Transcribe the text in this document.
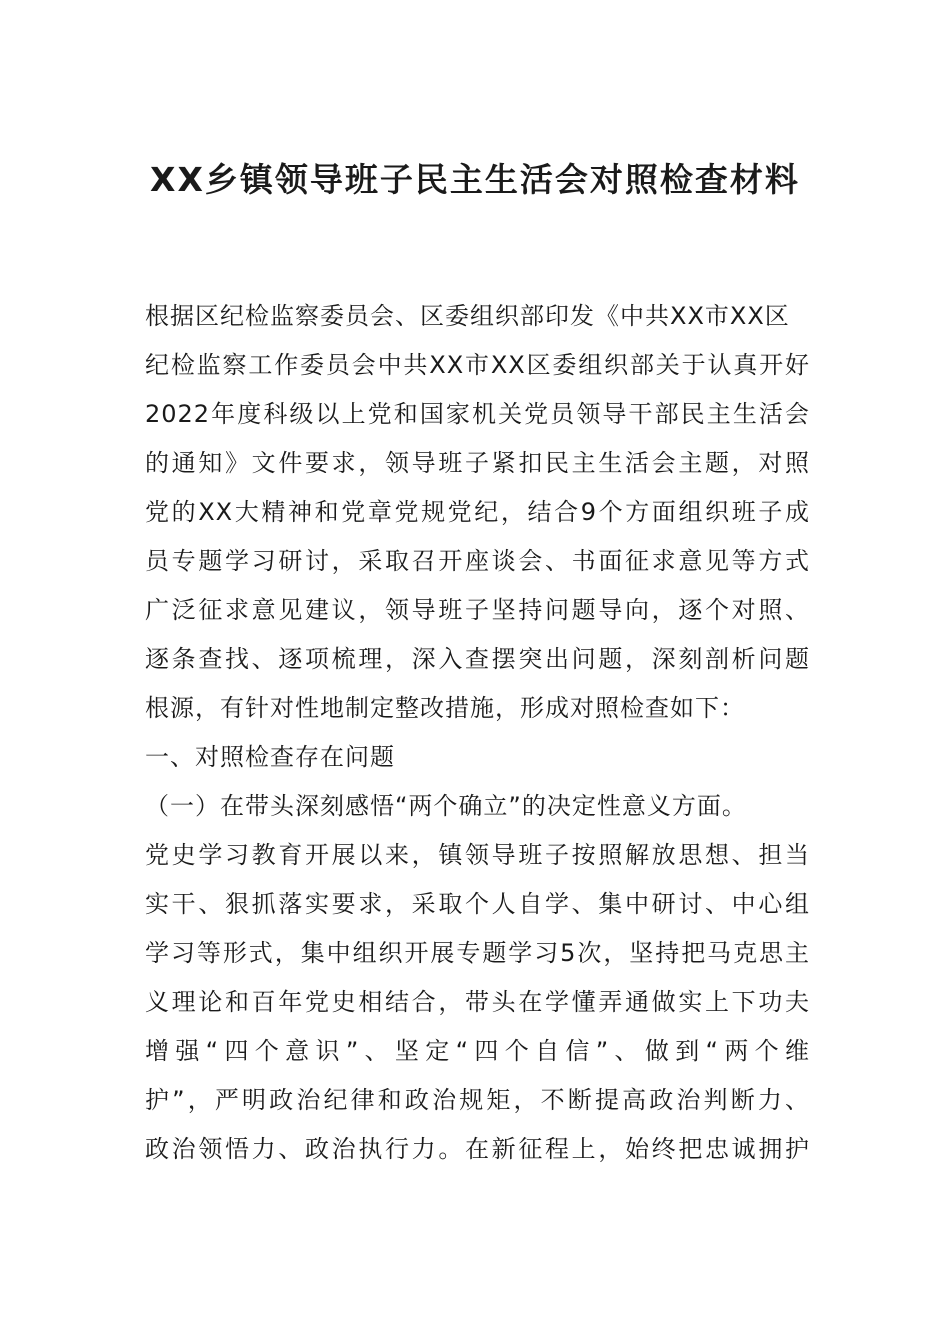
XX乡镇领导班子民主生活会对照检查材料
根据区纪检监察委员会、区委组织部印发《中共XX市XX区
纪检监察工作委员会中共XX市XX区委组织部关于认真开好
2022年度科级以上党和国家机关党员领导干部民主生活会
的通知》文件要求，领导班子紧扣民主生活会主题，对照
党的XX大精神和党章党规党纪，结合9个方面组织班子成
员专题学习研讨，采取召开座谈会、书面征求意见等方式
广泛征求意见建议，领导班子坚持问题导向，逐个对照、
逐条查找、逐项梳理，深入查摆突出问题，深刻剖析问题
根源，有针对性地制定整改措施，形成对照检查如下：
一、对照检查存在问题
（一）在带头深刻感悟“两个确立”的决定性意义方面。
党史学习教育开展以来，镇领导班子按照解放思想、担当
实干、狠抓落实要求，采取个人自学、集中研讨、中心组
学习等形式，集中组织开展专题学习5次，坚持把马克思主
义理论和百年党史相结合，带头在学懂弄通做实上下功夫
增强“四个意识”、坚定“四个自信”、做到“两个维
护”，严明政治纪律和政治规矩，不断提高政治判断力、
政治领悟力、政治执行力。在新征程上，始终把忠诚拥护
